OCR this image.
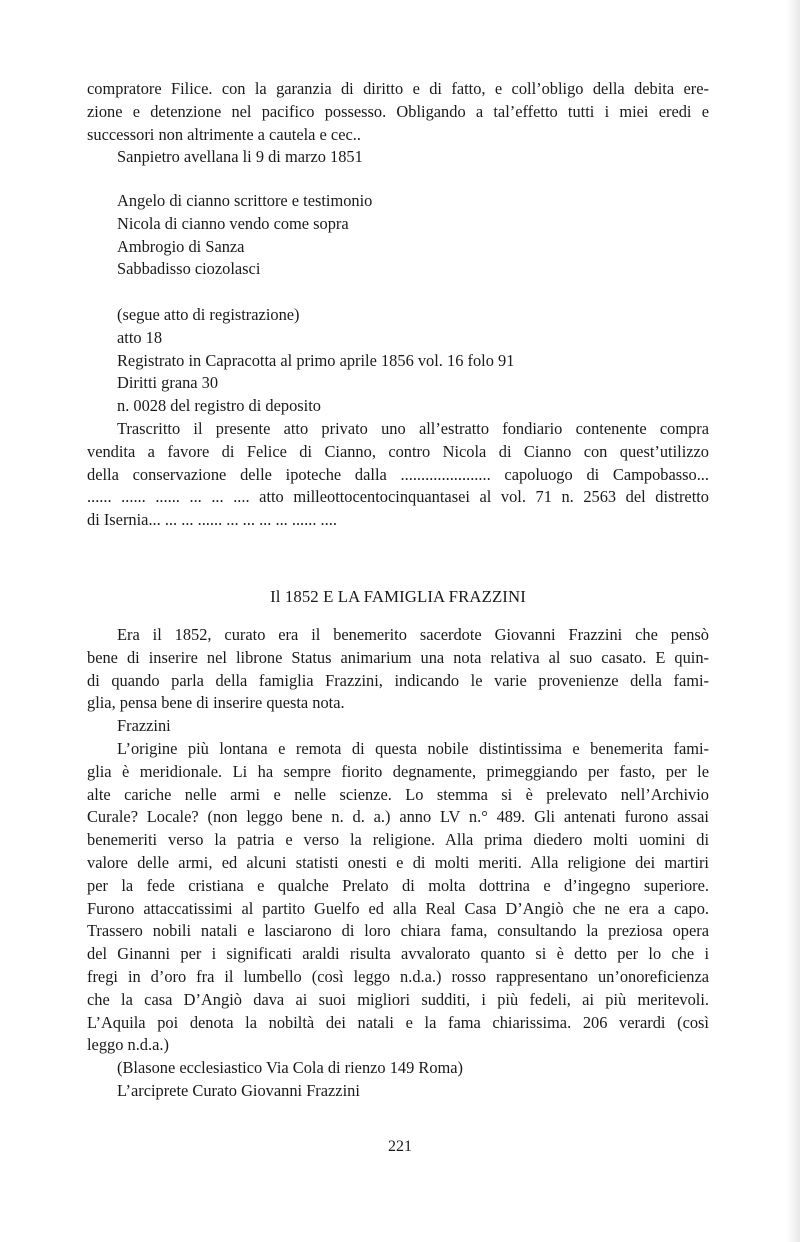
compratore Filice. con la garanzia di diritto e di fatto, e coll’obligo della debita ere-
zione e detenzione nel pacifico possesso. Obligando a tal’effetto tutti i miei eredi e
successori non altrimente a cautela e cec..
Sanpietro avellana li 9 di marzo 1851
Angelo di cianno scrittore e testimonio
Nicola di cianno vendo come sopra
Ambrogio di Sanza
Sabbadisso ciozolasci
(segue atto di registrazione)
atto 18
Registrato in Capracotta al primo aprile 1856 vol. 16 folo 91
Diritti grana 30
n. 0028 del registro di deposito
Trascritto il presente atto privato uno all’estratto fondiario contenente compra
vendita a favore di Felice di Cianno, contro Nicola di Cianno con quest’utilizzo
della conservazione delle ipoteche dalla ...................... capoluogo di Campobasso...
...... ...... ...... ... ... .... atto milleottocentocinquantasei al vol. 71 n. 2563 del distretto
di Isernia... ... ... ...... ... ... ... ... ...... ....
Il 1852 E LA FAMIGLIA FRAZZINI
Era il 1852, curato era il benemerito sacerdote Giovanni Frazzini che pensò
bene di inserire nel librone Status animarium una nota relativa al suo casato. E quin-
di quando parla della famiglia Frazzini, indicando le varie provenienze della fami-
glia, pensa bene di inserire questa nota.
Frazzini
L’origine più lontana e remota di questa nobile distintissima e benemerita fami-
glia è meridionale. Li ha sempre fiorito degnamente, primeggiando per fasto, per le
alte cariche nelle armi e nelle scienze. Lo stemma si è prelevato nell’Archivio
Curale? Locale? (non leggo bene n. d. a.) anno LV n.° 489. Gli antenati furono assai
benemeriti verso la patria e verso la religione. Alla prima diedero molti uomini di
valore delle armi, ed alcuni statisti onesti e di molti meriti. Alla religione dei martiri
per la fede cristiana e qualche Prelato di molta dottrina e d’ingegno superiore.
Furono attaccatissimi al partito Guelfo ed alla Real Casa D’Angiò che ne era a capo.
Trassero nobili natali e lasciarono di loro chiara fama, consultando la preziosa opera
del Ginanni per i significati araldi risulta avvalorato quanto si è detto per lo che i
fregi in d’oro fra il lumbello (così leggo n.d.a.) rosso rappresentano un’onoreficienza
che la casa D’Angiò dava ai suoi migliori sudditi, i più fedeli, ai più meritevoli.
L’Aquila poi denota la nobiltà dei natali e la fama chiarissima. 206 verardi (così
leggo n.d.a.)
(Blasone ecclesiastico Via Cola di rienzo 149 Roma)
L’arciprete Curato Giovanni Frazzini
221
